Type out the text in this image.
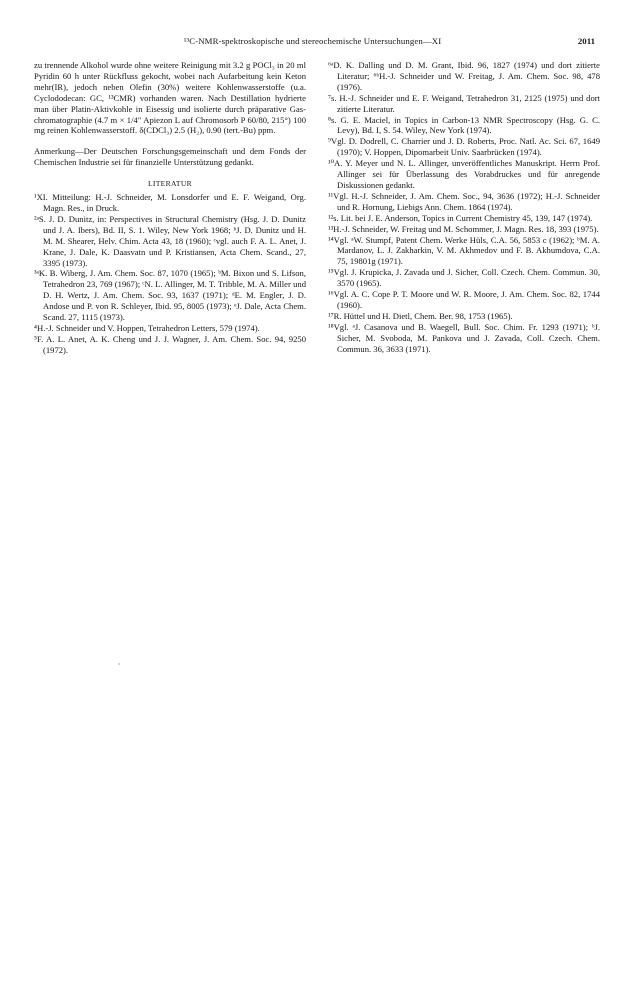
¹³C-NMR-spektroskopische und stereochemische Untersuchungen—XI	2011

zu trennende Alkohol wurde ohne weitere Reinigung mit 3.2 g POCl₃ in 20 ml Pyridin 60 h unter Rückfluss gekocht, wobei nach Aufarbeitung kein Keton mehr(IR), jedoch neben Olefin (30%) weitere Kohlenwasserstoffe (u.a. Cyclododecan: GC, ¹³CMR) vorhanden waren. Nach Destillation hydrierte man über Platin-Aktivkohle in Eisessig und isolierte durch präparative Gas-chromatographie (4.7 m × 1/4″ Apiezon L auf Chromosorb P 60/80, 215°) 100 mg reinen Kohlenwasserstoff. δ(CDCl₃) 2.5 (H₂), 0.90 (tert.-Bu) ppm.

Anmerkung—Der Deutschen Forschungsgemeinschaft und dem Fonds der Chemischen Industrie sei für finanzielle Unterstützung gedankt.

LITERATUR

¹XI. Mitteilung: H.-J. Schneider, M. Lonsdorfer und E. F. Weigand, Org. Magn. Res., in Druck.

²ᵃS. J. D. Dunitz, in: Perspectives in Structural Chemistry (Hsg. J. D. Dunitz und J. A. Ibers), Bd. II, S. 1. Wiley, New York 1968; ᵇJ. D. Dunitz und H. M. M. Shearer, Helv. Chim. Acta 43, 18 (1960); ᶜvgl. auch F. A. L. Anet, J. Krane, J. Dale, K. Daasvatn und P. Kristiansen, Acta Chem. Scand., 27, 3395 (1973).

³ᵃK. B. Wiberg, J. Am. Chem. Soc. 87, 1070 (1965); ᵇM. Bixon und S. Lifson, Tetrahedron 23, 769 (1967); ᶜN. L. Allinger, M. T. Tribble, M. A. Miller und D. H. Wertz, J. Am. Chem. Soc. 93, 1637 (1971); ᵈE. M. Engler, J. D. Andose und P. von R. Schleyer, Ibid. 95, 8005 (1973); ᵉJ. Dale, Acta Chem. Scand. 27, 1115 (1973).

⁴H.-J. Schneider und V. Hoppen, Tetrahedron Letters, 579 (1974).

⁵F. A. L. Anet, A. K. Cheng und J. J. Wagner, J. Am. Chem. Soc. 94, 9250 (1972).

⁶ᵃD. K. Dalling und D. M. Grant, Ibid. 96, 1827 (1974) und dort zitierte Literatur; ⁶ᵇH.-J. Schneider und W. Freitag, J. Am. Chem. Soc. 98, 478 (1976).

⁷s. H.-J. Schneider und E. F. Weigand, Tetrahedron 31, 2125 (1975) und dort zitierte Literatur.

⁸s. G. E. Maciel, in Topics in Carbon-13 NMR Spectroscopy (Hsg. G. C. Levy), Bd. I, S. 54. Wiley, New York (1974).

⁹Vgl. D. Dodrell, C. Charrier und J. D. Roberts, Proc. Natl. Ac. Sci. 67, 1649 (1970); V. Hoppen, Dipomarbeit Univ. Saarbrücken (1974).

¹⁰A. Y. Meyer und N. L. Allinger, unveröffentliches Manuskript. Herrn Prof. Allinger sei für Überlassung des Vorabdruckes und für anregende Diskussionen gedankt.

¹¹Vgl. H.-J. Schneider, J. Am. Chem. Soc., 94, 3636 (1972); H.-J. Schneider und R. Hornung, Liebigs Ann. Chem. 1864 (1974).

¹²s. Lit. bei J. E. Anderson, Topics in Current Chemistry 45, 139, 147 (1974).

¹³H.-J. Schneider, W. Freitag und M. Schommer, J. Magn. Res. 18, 393 (1975).

¹⁴Vgl. ᵃW. Stumpf, Patent Chem. Werke Hüls, C.A. 56, 5853 c (1962); ᵇM. A. Mardanov, L. J. Zakharkin, V. M. Akhmedov und F. B. Akhumdova, C.A. 75, 19801g (1971).

¹⁵Vgl. J. Krupicka, J. Zavada und J. Sicher, Coll. Czech. Chem. Commun. 30, 3570 (1965).

¹⁶Vgl. A. C. Cope P. T. Moore und W. R. Moore, J. Am. Chem. Soc. 82, 1744 (1960).

¹⁷R. Hüttel und H. Dietl, Chem. Ber. 98, 1753 (1965).

¹⁸Vgl. ᵃJ. Casanova und B. Waegell, Bull. Soc. Chim. Fr. 1293 (1971); ᵇJ. Sicher, M. Svoboda, M. Pankova und J. Zavada, Coll. Czech. Chem. Commun. 36, 3633 (1971).
